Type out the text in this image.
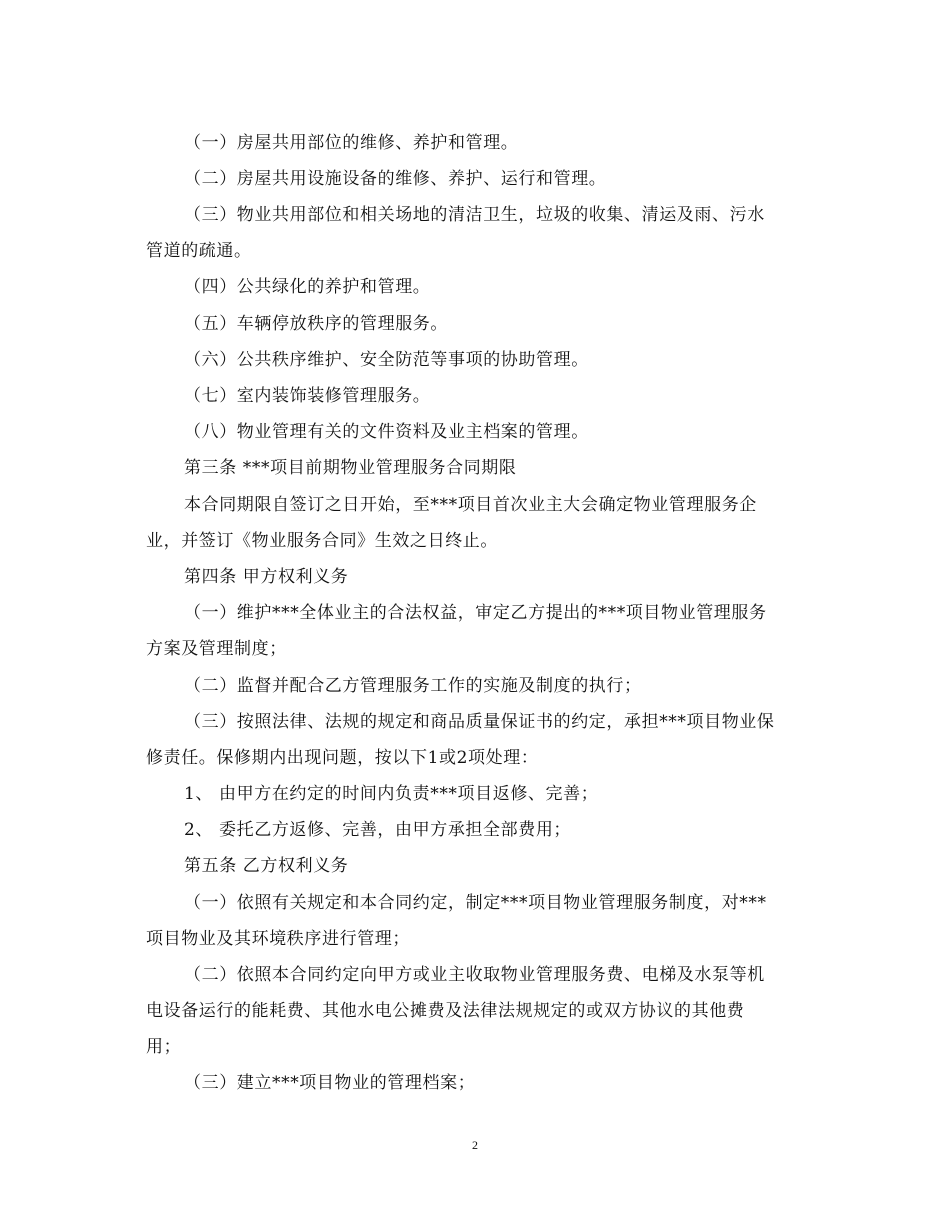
（一）房屋共用部位的维修、养护和管理。
（二）房屋共用设施设备的维修、养护、运行和管理。
（三）物业共用部位和相关场地的清洁卫生，垃圾的收集、清运及雨、污水
管道的疏通。
（四）公共绿化的养护和管理。
（五）车辆停放秩序的管理服务。
（六）公共秩序维护、安全防范等事项的协助管理。
（七）室内装饰装修管理服务。
（八）物业管理有关的文件资料及业主档案的管理。
第三条 ***项目前期物业管理服务合同期限
本合同期限自签订之日开始，至***项目首次业主大会确定物业管理服务企
业，并签订《物业服务合同》生效之日终止。
第四条 甲方权利义务
（一）维护***全体业主的合法权益，审定乙方提出的***项目物业管理服务
方案及管理制度；
（二）监督并配合乙方管理服务工作的实施及制度的执行；
（三）按照法律、法规的规定和商品质量保证书的约定，承担***项目物业保
修责任。保修期内出现问题，按以下1或2项处理：
1、 由甲方在约定的时间内负责***项目返修、完善；
2、 委托乙方返修、完善，由甲方承担全部费用；
第五条 乙方权利义务
（一）依照有关规定和本合同约定，制定***项目物业管理服务制度，对***
项目物业及其环境秩序进行管理；
（二）依照本合同约定向甲方或业主收取物业管理服务费、电梯及水泵等机
电设备运行的能耗费、其他水电公摊费及法律法规规定的或双方协议的其他费
用；
（三）建立***项目物业的管理档案；
2
